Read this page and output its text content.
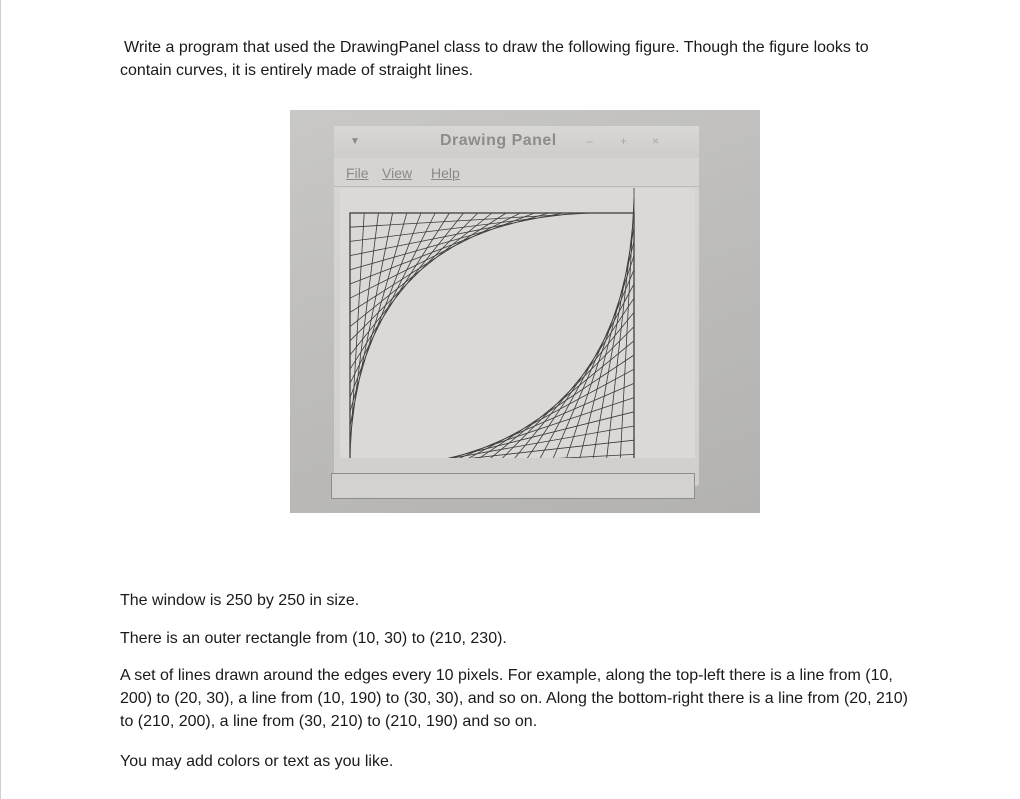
Write a program that used the DrawingPanel class to draw the following figure. Though the figure looks to contain curves, it is entirely made of straight lines.

▼	Drawing Panel – + ×
File View Help

The window is 250 by 250 in size.

There is an outer rectangle from (10, 30) to (210, 230).

A set of lines drawn around the edges every 10 pixels. For example, along the top-left there is a line from (10, 200) to (20, 30), a line from (10, 190) to (30, 30), and so on. Along the bottom-right there is a line from (20, 210) to (210, 200), a line from (30, 210) to (210, 190) and so on.

You may add colors or text as you like.
